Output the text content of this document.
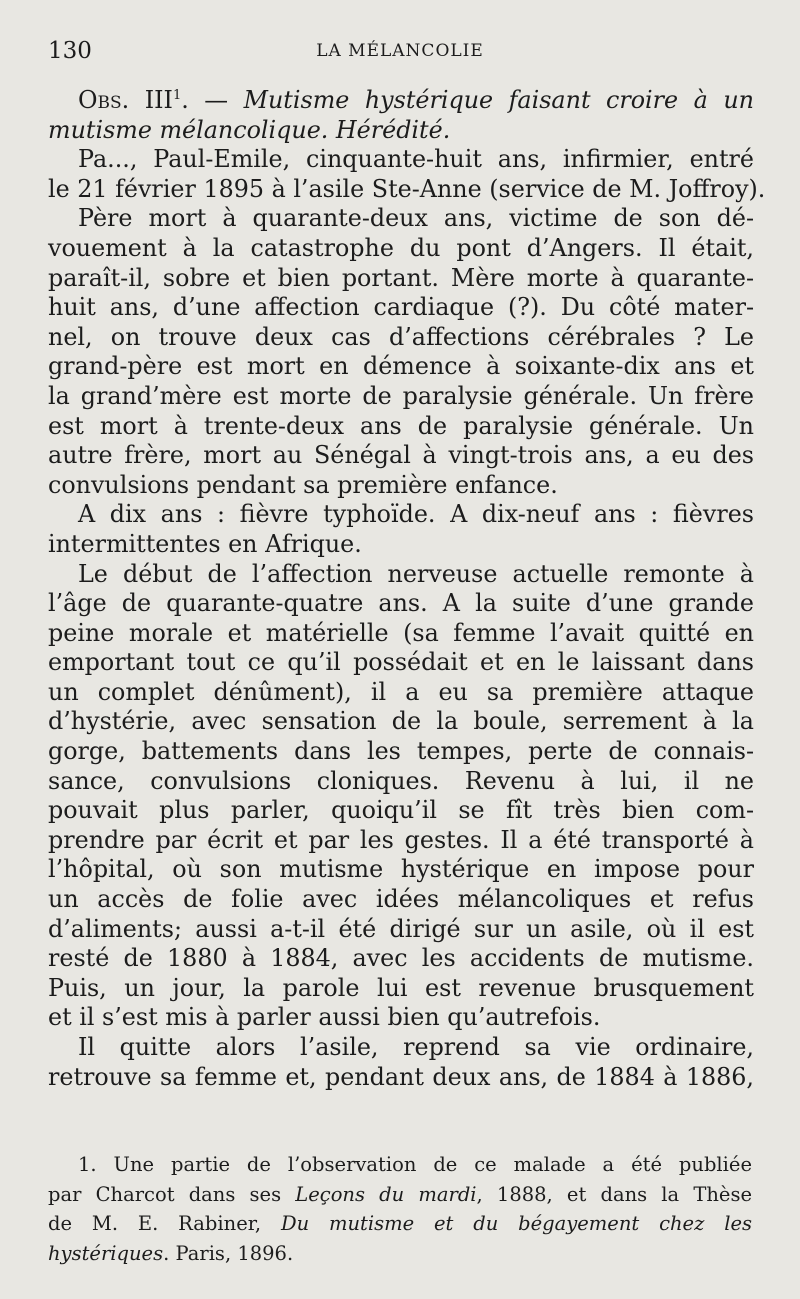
130	LA MÉLANCOLIE
Obs. III$^1$. — Mutisme hystérique faisant croire à un
mutisme mélancolique. Hérédité.
Pa..., Paul-Emile, cinquante-huit ans, infirmier, entré
le 21 février 1895 à l’asile Ste-Anne (service de M. Joffroy).
Père mort à quarante-deux ans, victime de son dé-
vouement à la catastrophe du pont d’Angers. Il était,
paraît-il, sobre et bien portant. Mère morte à quarante-
huit ans, d’une affection cardiaque (?). Du côté mater-
nel, on trouve deux cas d’affections cérébrales ? Le
grand-père est mort en démence à soixante-dix ans et
la grand’mère est morte de paralysie générale. Un frère
est mort à trente-deux ans de paralysie générale. Un
autre frère, mort au Sénégal à vingt-trois ans, a eu des
convulsions pendant sa première enfance.
A dix ans : fièvre typhoïde. A dix-neuf ans : fièvres
intermittentes en Afrique.
Le début de l’affection nerveuse actuelle remonte à
l’âge de quarante-quatre ans. A la suite d’une grande
peine morale et matérielle (sa femme l’avait quitté en
emportant tout ce qu’il possédait et en le laissant dans
un complet dénûment), il a eu sa première attaque
d’hystérie, avec sensation de la boule, serrement à la
gorge, battements dans les tempes, perte de connais-
sance, convulsions cloniques. Revenu à lui, il ne
pouvait plus parler, quoiqu’il se fît très bien com-
prendre par écrit et par les gestes. Il a été transporté à
l’hôpital, où son mutisme hystérique en impose pour
un accès de folie avec idées mélancoliques et refus
d’aliments; aussi a-t-il été dirigé sur un asile, où il est
resté de 1880 à 1884, avec les accidents de mutisme.
Puis, un jour, la parole lui est revenue brusquement
et il s’est mis à parler aussi bien qu’autrefois.
Il quitte alors l’asile, reprend sa vie ordinaire,
retrouve sa femme et, pendant deux ans, de 1884 à 1886,
1. Une partie de l’observation de ce malade a été publiée
par Charcot dans ses Leçons du mardi, 1888, et dans la Thèse
de M. E. Rabiner, Du mutisme et du bégayement chez les
hystériques. Paris, 1896.
